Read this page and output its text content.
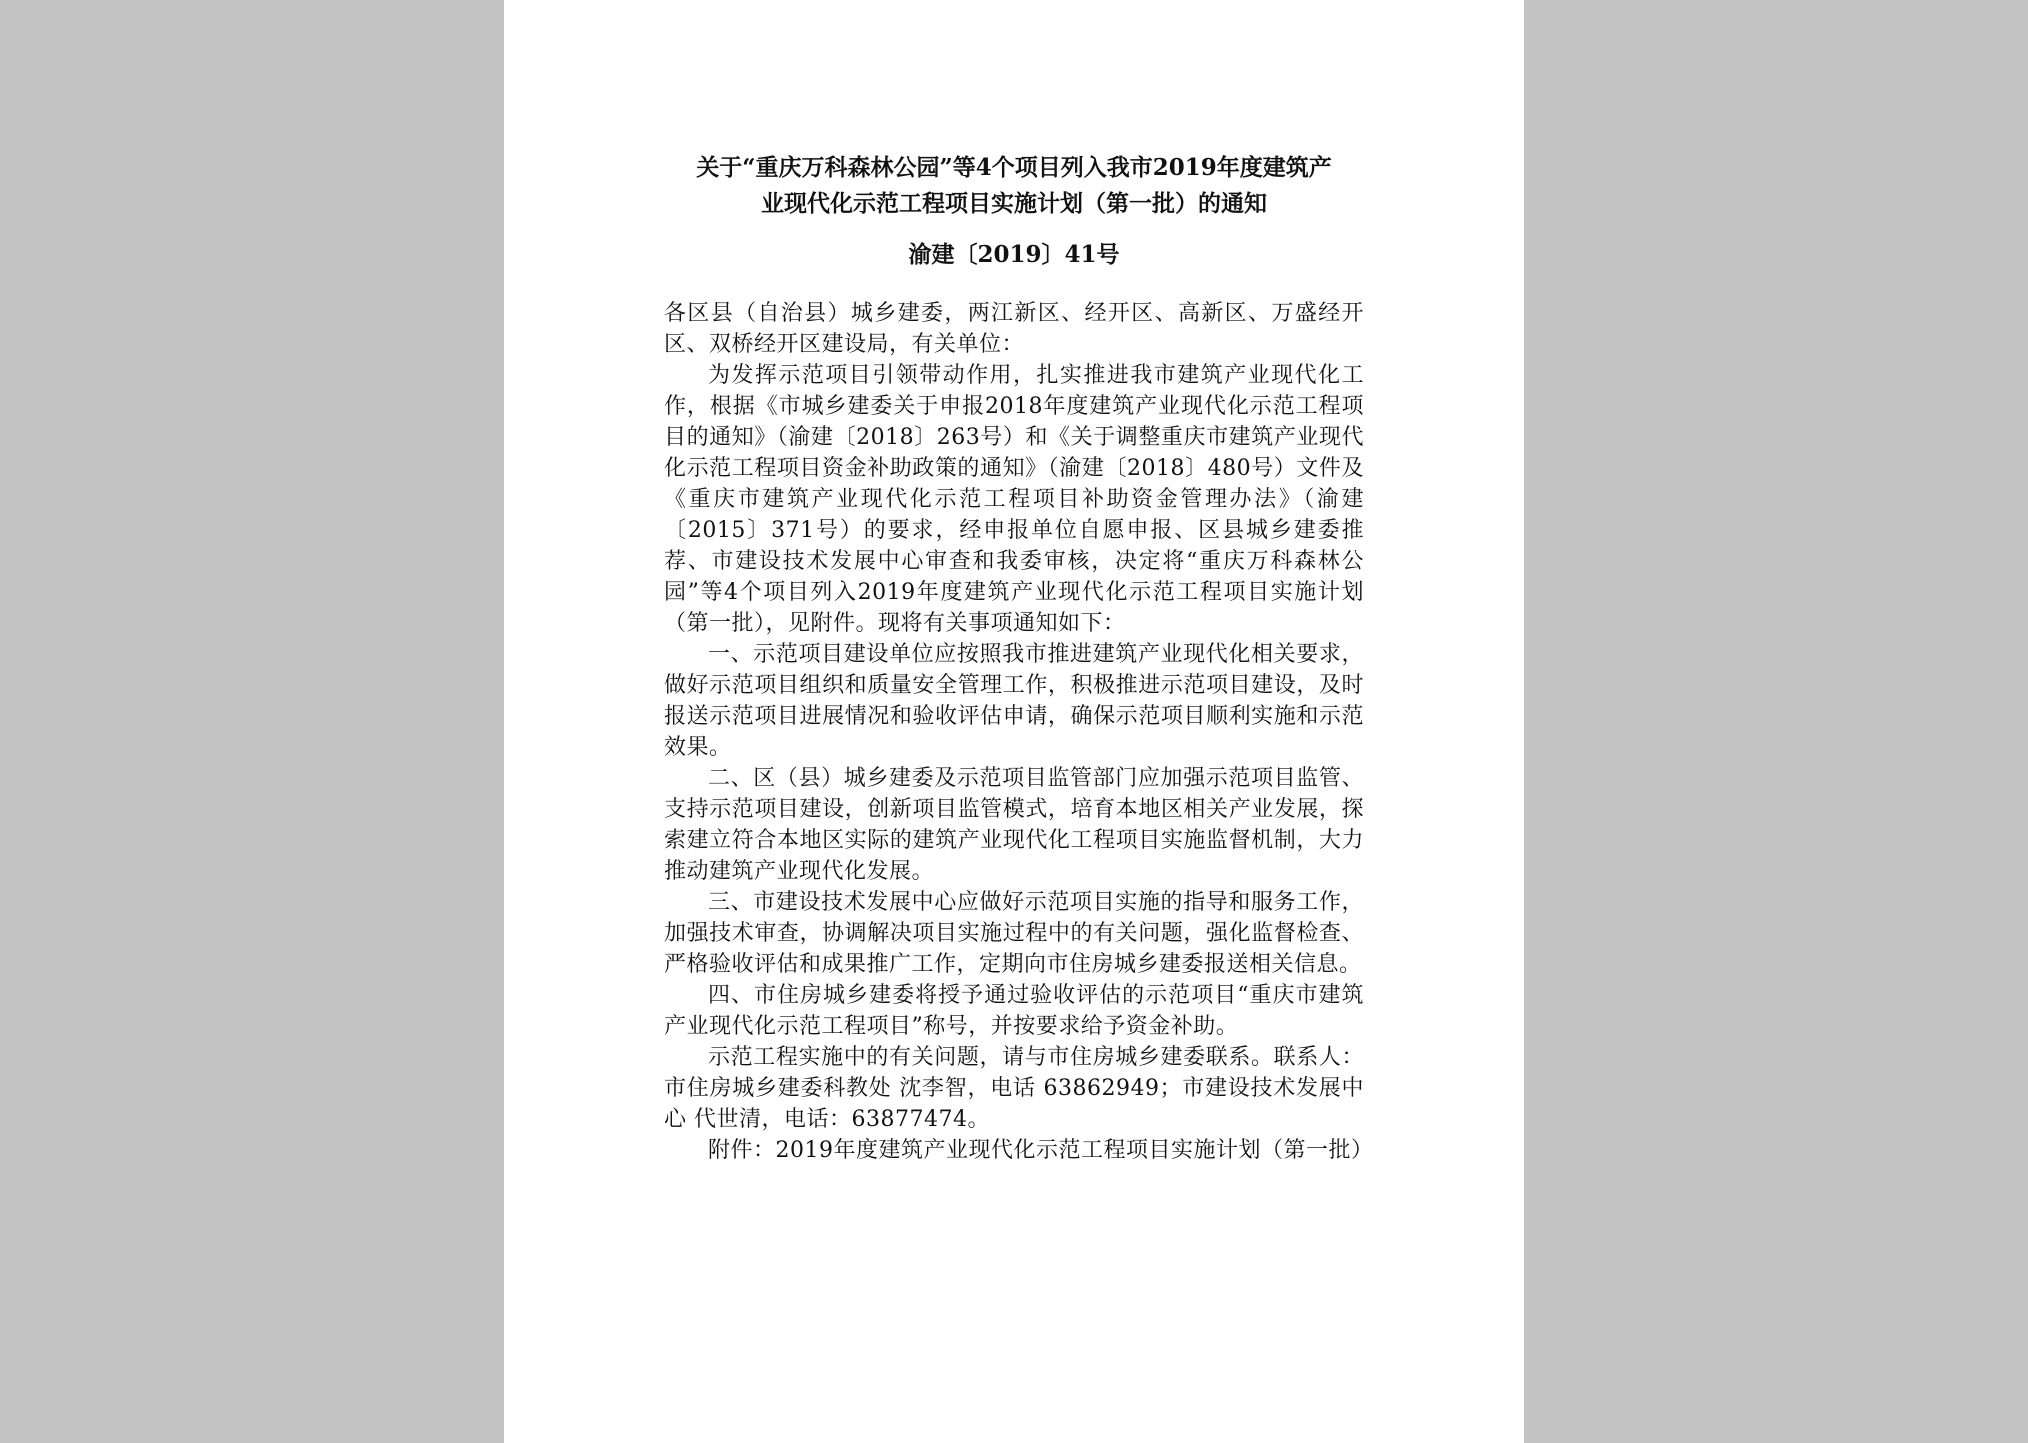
关于“重庆万科森林公园”等4个项目列入我市2019年度建筑产
业现代化示范工程项目实施计划（第一批）的通知
渝建〔2019〕41号

各区县（自治县）城乡建委，两江新区、经开区、高新区、万盛经开区、双桥经开区建设局，有关单位：

为发挥示范项目引领带动作用，扎实推进我市建筑产业现代化工作，根据《市城乡建委关于申报2018年度建筑产业现代化示范工程项目的通知》（渝建〔2018〕263号）和《关于调整重庆市建筑产业现代化示范工程项目资金补助政策的通知》（渝建〔2018〕480号）文件及《重庆市建筑产业现代化示范工程项目补助资金管理办法》（渝建〔2015〕371号）的要求，经申报单位自愿申报、区县城乡建委推荐、市建设技术发展中心审查和我委审核，决定将“重庆万科森林公园”等4个项目列入2019年度建筑产业现代化示范工程项目实施计划（第一批），见附件。现将有关事项通知如下：

一、示范项目建设单位应按照我市推进建筑产业现代化相关要求，做好示范项目组织和质量安全管理工作，积极推进示范项目建设，及时报送示范项目进展情况和验收评估申请，确保示范项目顺利实施和示范效果。

二、区（县）城乡建委及示范项目监管部门应加强示范项目监管、支持示范项目建设，创新项目监管模式，培育本地区相关产业发展，探索建立符合本地区实际的建筑产业现代化工程项目实施监督机制，大力推动建筑产业现代化发展。

三、市建设技术发展中心应做好示范项目实施的指导和服务工作，加强技术审查，协调解决项目实施过程中的有关问题，强化监督检查、严格验收评估和成果推广工作，定期向市住房城乡建委报送相关信息。

四、市住房城乡建委将授予通过验收评估的示范项目“重庆市建筑产业现代化示范工程项目”称号，并按要求给予资金补助。

示范工程实施中的有关问题，请与市住房城乡建委联系。联系人：市住房城乡建委科教处 沈李智，电话 63862949；市建设技术发展中心 代世清，电话：63877474。

附件：2019年度建筑产业现代化示范工程项目实施计划（第一批）
